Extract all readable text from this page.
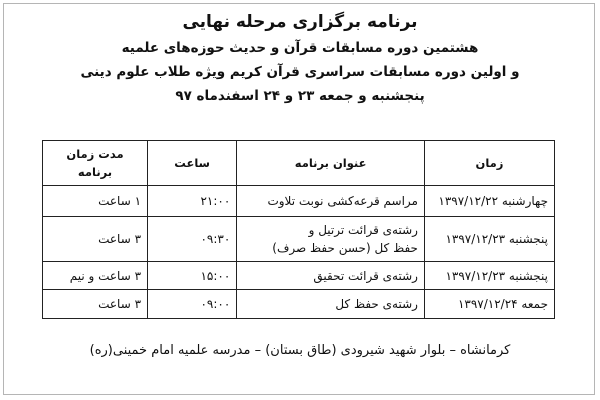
برنامه برگزاری مرحله نهایی

هشتمین دوره مسابقات قرآن و حدیث حوزه‌های علمیه

و اولین دوره مسابقات سراسری قرآن کریم ویژه طلاب علوم دینی

پنجشنبه و جمعه ۲۳ و ۲۴ اسفندماه ۹۷

زمان	عنوان برنامه	ساعت	مدت زمان
برنامه

چهارشنبه ۱۳۹۷/۱۲/۲۲	مراسم قرعه‌کشی نوبت تلاوت	۲۱:۰۰	۱ ساعت
پنجشنبه ۱۳۹۷/۱۲/۲۳	رشته‌ی قرائت ترتیل و
حفظ کل (حسن حفظ صرف)	۰۹:۳۰	۳ ساعت
پنجشنبه ۱۳۹۷/۱۲/۲۳	رشته‌ی قرائت تحقیق	۱۵:۰۰	۳ ساعت و نیم
جمعه ۱۳۹۷/۱۲/۲۴	رشته‌ی حفظ کل	۰۹:۰۰	۳ ساعت
کرمانشاه – بلوار شهید شیرودی (طاق بستان) – مدرسه علمیه امام خمینی(ره)
